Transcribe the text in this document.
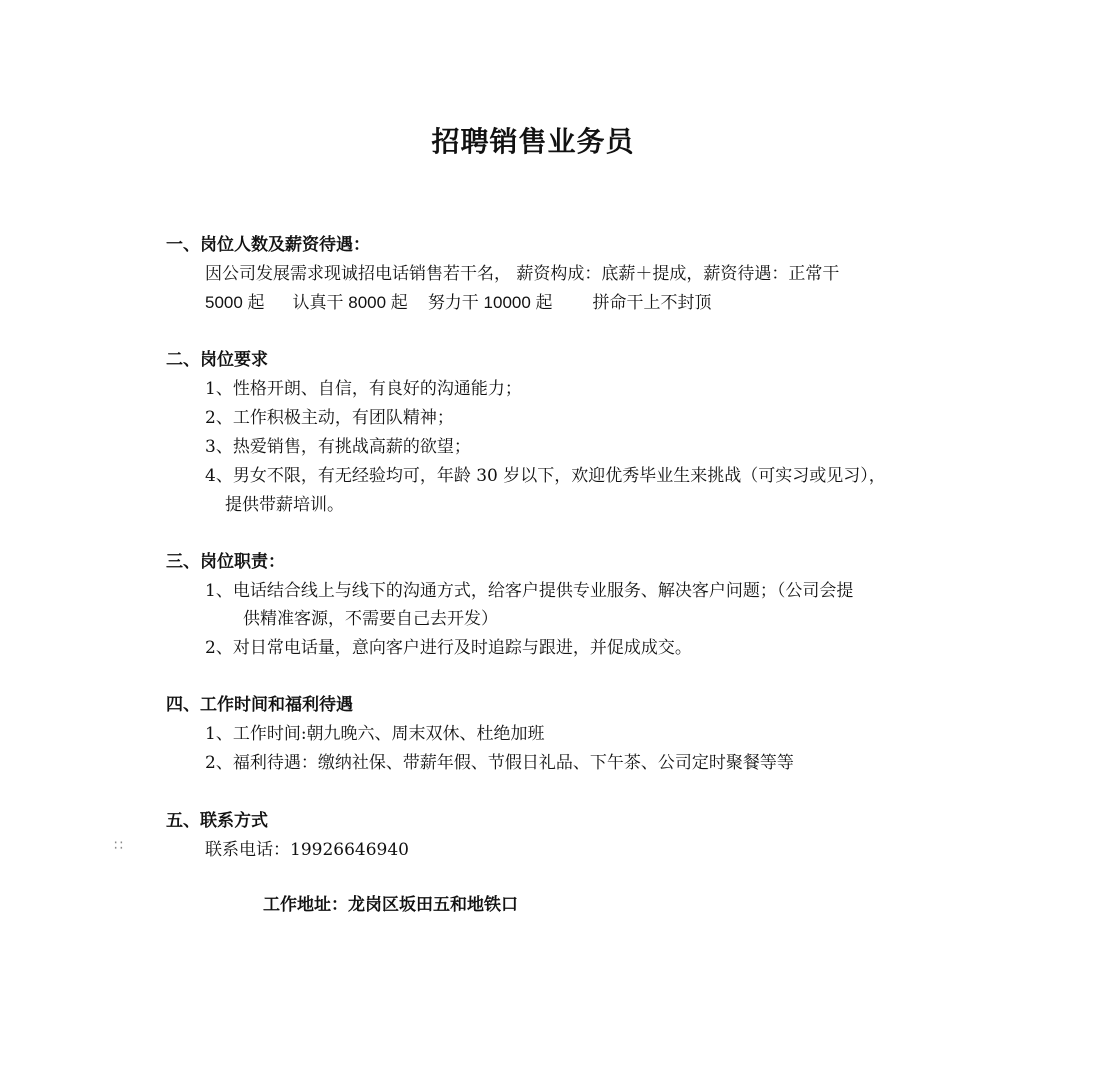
招聘销售业务员

一、岗位人数及薪资待遇：

因公司发展需求现诚招电话销售若干名， 薪资构成：底薪＋提成，薪资待遇：正常干

5000 起 认真干 8000 起 努力干 10000 起 拼命干上不封顶

二、岗位要求

1、性格开朗、自信，有良好的沟通能力；

2、工作积极主动，有团队精神；

3、热爱销售，有挑战高薪的欲望；

4、男女不限，有无经验均可，年龄 30 岁以下，欢迎优秀毕业生来挑战（可实习或见习），

提供带薪培训。

三、岗位职责：

1、电话结合线上与线下的沟通方式，给客户提供专业服务、解决客户问题；（公司会提

供精准客源，不需要自己去开发）

2、对日常电话量，意向客户进行及时追踪与跟进，并促成成交。

四、工作时间和福利待遇

1、工作时间:朝九晚六、周末双休、杜绝加班

2、福利待遇：缴纳社保、带薪年假、节假日礼品、下午茶、公司定时聚餐等等

五、联系方式

∷	联系电话：19926646940

工作地址：龙岗区坂田五和地铁口
